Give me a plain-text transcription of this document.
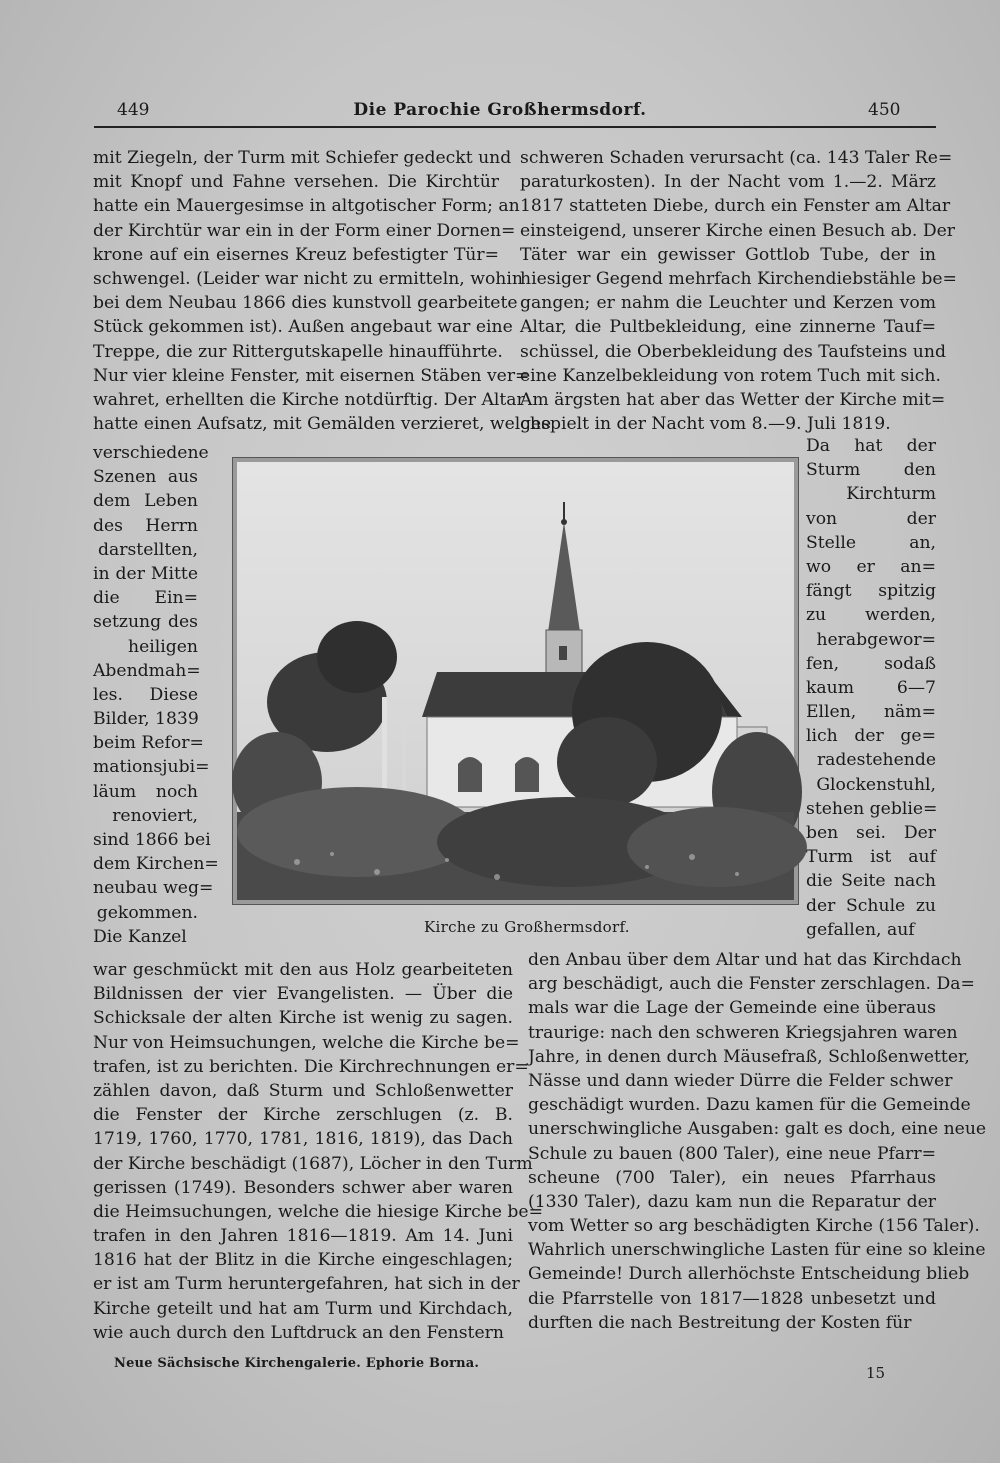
449	Die Parochie Großhermsdorf.	450
mit Ziegeln, der Turm mit Schiefer gedeckt und
mit Knopf und Fahne versehen. Die Kirchtür
hatte ein Mauergesimse in altgotischer Form; an
der Kirchtür war ein in der Form einer Dornen=
krone auf ein eisernes Kreuz befestigter Tür=
schwengel. (Leider war nicht zu ermitteln, wohin
bei dem Neubau 1866 dies kunstvoll gearbeitete
Stück gekommen ist). Außen angebaut war eine
Treppe, die zur Rittergutskapelle hinaufführte.
Nur vier kleine Fenster, mit eisernen Stäben ver=
wahret, erhellten die Kirche notdürftig. Der Altar
hatte einen Aufsatz, mit Gemälden verzieret, welche
verschiedene
Szenen aus
dem Leben
des Herrn
darstellten,
in der Mitte
die Ein=
setzung des
heiligen
Abendmah=
les. Diese
Bilder, 1839
beim Refor=
mationsjubi=
läum noch
renoviert,
sind 1866 bei
dem Kirchen=
neubau weg=
gekommen.
Die Kanzel
war geschmückt mit den aus Holz gearbeiteten
Bildnissen der vier Evangelisten. — Über die
Schicksale der alten Kirche ist wenig zu sagen.
Nur von Heimsuchungen, welche die Kirche be=
trafen, ist zu berichten. Die Kirchrechnungen er=
zählen davon, daß Sturm und Schloßenwetter
die Fenster der Kirche zerschlugen (z. B.
1719, 1760, 1770, 1781, 1816, 1819), das Dach
der Kirche beschädigt (1687), Löcher in den Turm
gerissen (1749). Besonders schwer aber waren
die Heimsuchungen, welche die hiesige Kirche be=
trafen in den Jahren 1816—1819. Am 14. Juni
1816 hat der Blitz in die Kirche eingeschlagen;
er ist am Turm heruntergefahren, hat sich in der
Kirche geteilt und hat am Turm und Kirchdach,
wie auch durch den Luftdruck an den Fenstern
schweren Schaden verursacht (ca. 143 Taler Re=
paraturkosten). In der Nacht vom 1.—2. März
1817 statteten Diebe, durch ein Fenster am Altar
einsteigend, unserer Kirche einen Besuch ab. Der
Täter war ein gewisser Gottlob Tube, der in
hiesiger Gegend mehrfach Kirchendiebstähle be=
gangen; er nahm die Leuchter und Kerzen vom
Altar, die Pultbekleidung, eine zinnerne Tauf=
schüssel, die Oberbekleidung des Taufsteins und
eine Kanzelbekleidung von rotem Tuch mit sich.
Am ärgsten hat aber das Wetter der Kirche mit=
gespielt in der Nacht vom 8.—9. Juli 1819.
Da hat der
Sturm den
Kirchturm
von der
Stelle an,
wo er an=
fängt spitzig
zu werden,
herabgewor=
fen, sodaß
kaum 6—7
Ellen, näm=
lich der ge=
radestehende
Glockenstuhl,
stehen geblie=
ben sei. Der
Turm ist auf
die Seite nach
der Schule zu
gefallen, auf
den Anbau über dem Altar und hat das Kirchdach
arg beschädigt, auch die Fenster zerschlagen. Da=
mals war die Lage der Gemeinde eine überaus
traurige: nach den schweren Kriegsjahren waren
Jahre, in denen durch Mäusefraß, Schloßenwetter,
Nässe und dann wieder Dürre die Felder schwer
geschädigt wurden. Dazu kamen für die Gemeinde
unerschwingliche Ausgaben: galt es doch, eine neue
Schule zu bauen (800 Taler), eine neue Pfarr=
scheune (700 Taler), ein neues Pfarrhaus
(1330 Taler), dazu kam nun die Reparatur der
vom Wetter so arg beschädigten Kirche (156 Taler).
Wahrlich unerschwingliche Lasten für eine so kleine
Gemeinde! Durch allerhöchste Entscheidung blieb
die Pfarrstelle von 1817—1828 unbesetzt und
durften die nach Bestreitung der Kosten für
Kirche zu Großhermsdorf.
Neue Sächsische Kirchengalerie. Ephorie Borna.
15
